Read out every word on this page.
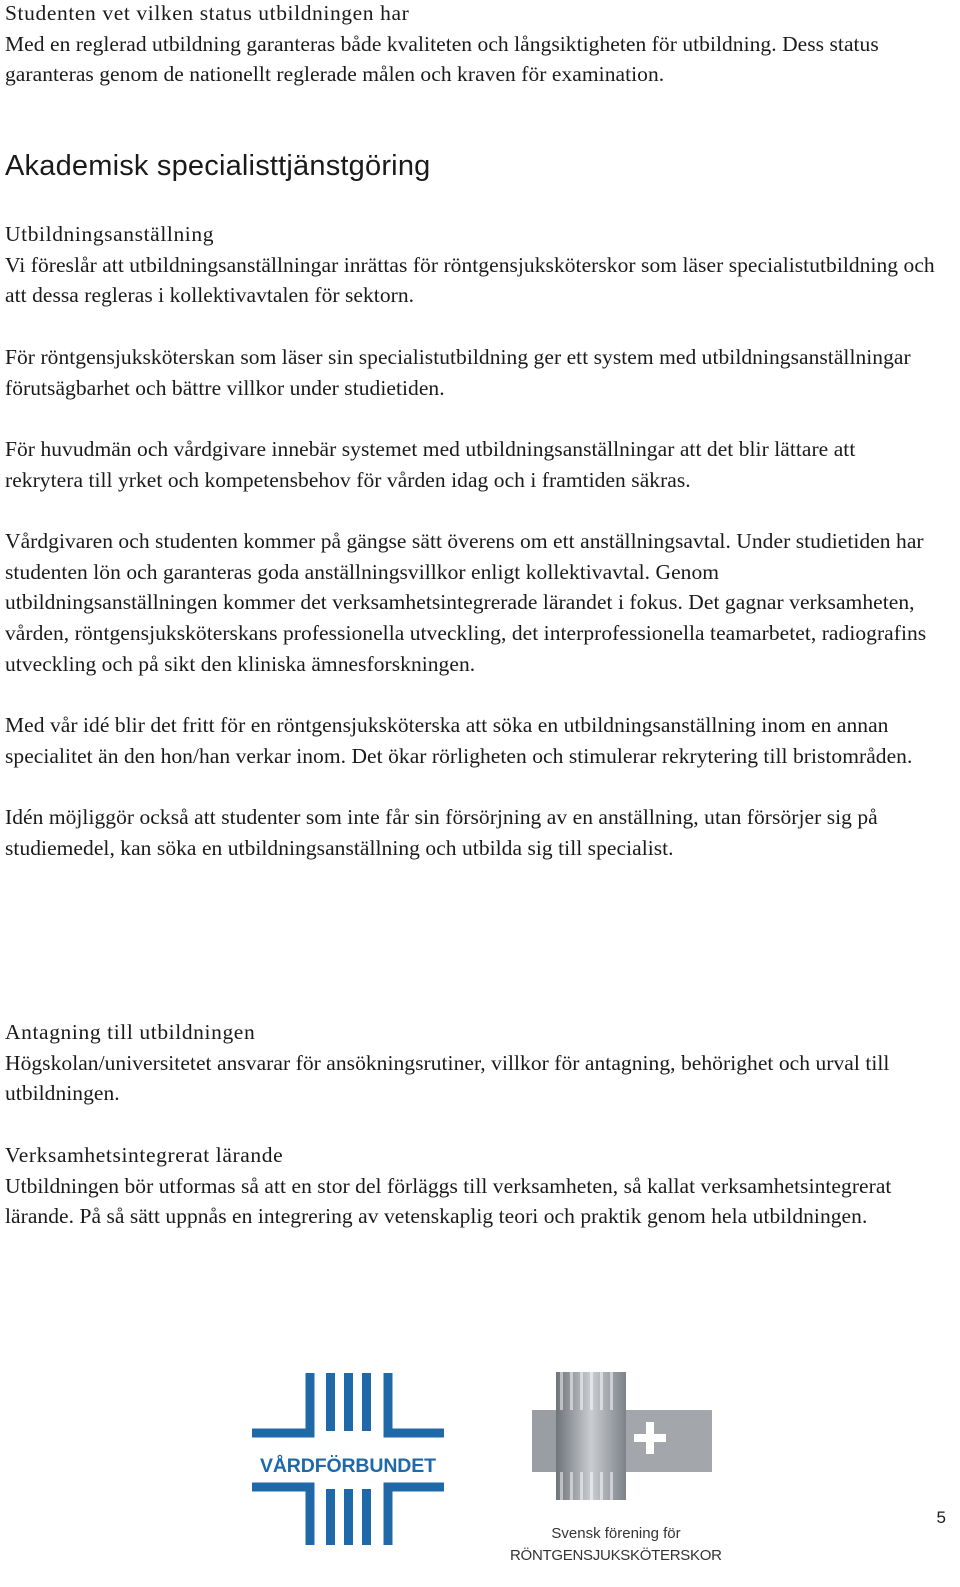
Studenten vet vilken status utbildningen har

Med en reglerad utbildning garanteras både kvaliteten och långsiktigheten för utbildning. Dess status garanteras genom de nationellt reglerade målen och kraven för examination.

Akademisk specialisttjänstgöring
Utbildningsanställning

Vi föreslår att utbildningsanställningar inrättas för röntgensjuksköterskor som läser specialistutbildning och att dessa regleras i kollektivavtalen för sektorn.

För röntgensjuksköterskan som läser sin specialistutbildning ger ett system med utbildningsanställningar förutsägbarhet och bättre villkor under studietiden.

För huvudmän och vårdgivare innebär systemet med utbildningsanställningar att det blir lättare att rekrytera till yrket och kompetensbehov för vården idag och i framtiden säkras.

Vårdgivaren och studenten kommer på gängse sätt överens om ett anställningsavtal. Under studietiden har studenten lön och garanteras goda anställningsvillkor enligt kollektivavtal. Genom utbildningsanställningen kommer det verksamhetsintegrerade lärandet i fokus. Det gagnar verksamheten, vården, röntgensjuksköterskans professionella utveckling, det interprofessionella teamarbetet, radiografins utveckling och på sikt den kliniska ämnesforskningen.

Med vår idé blir det fritt för en röntgensjuksköterska att söka en utbildningsanställning inom en annan specialitet än den hon/han verkar inom. Det ökar rörligheten och stimulerar rekrytering till bristområden.

Idén möjliggör också att studenter som inte får sin försörjning av en anställning, utan försörjer sig på studiemedel, kan söka en utbildningsanställning och utbilda sig till specialist.

Antagning till utbildningen

Högskolan/universitetet ansvarar för ansökningsrutiner, villkor för antagning, behörighet och urval till utbildningen.

Verksamhetsintegrerat lärande

Utbildningen bör utformas så att en stor del förläggs till verksamheten, så kallat verksamhetsintegrerat lärande. På så sätt uppnås en integrering av vetenskaplig teori och praktik genom hela utbildningen.

VÅRDFÖRBUNDET
Svensk förening för
RÖNTGENSJUKSKÖTERSKOR
5
